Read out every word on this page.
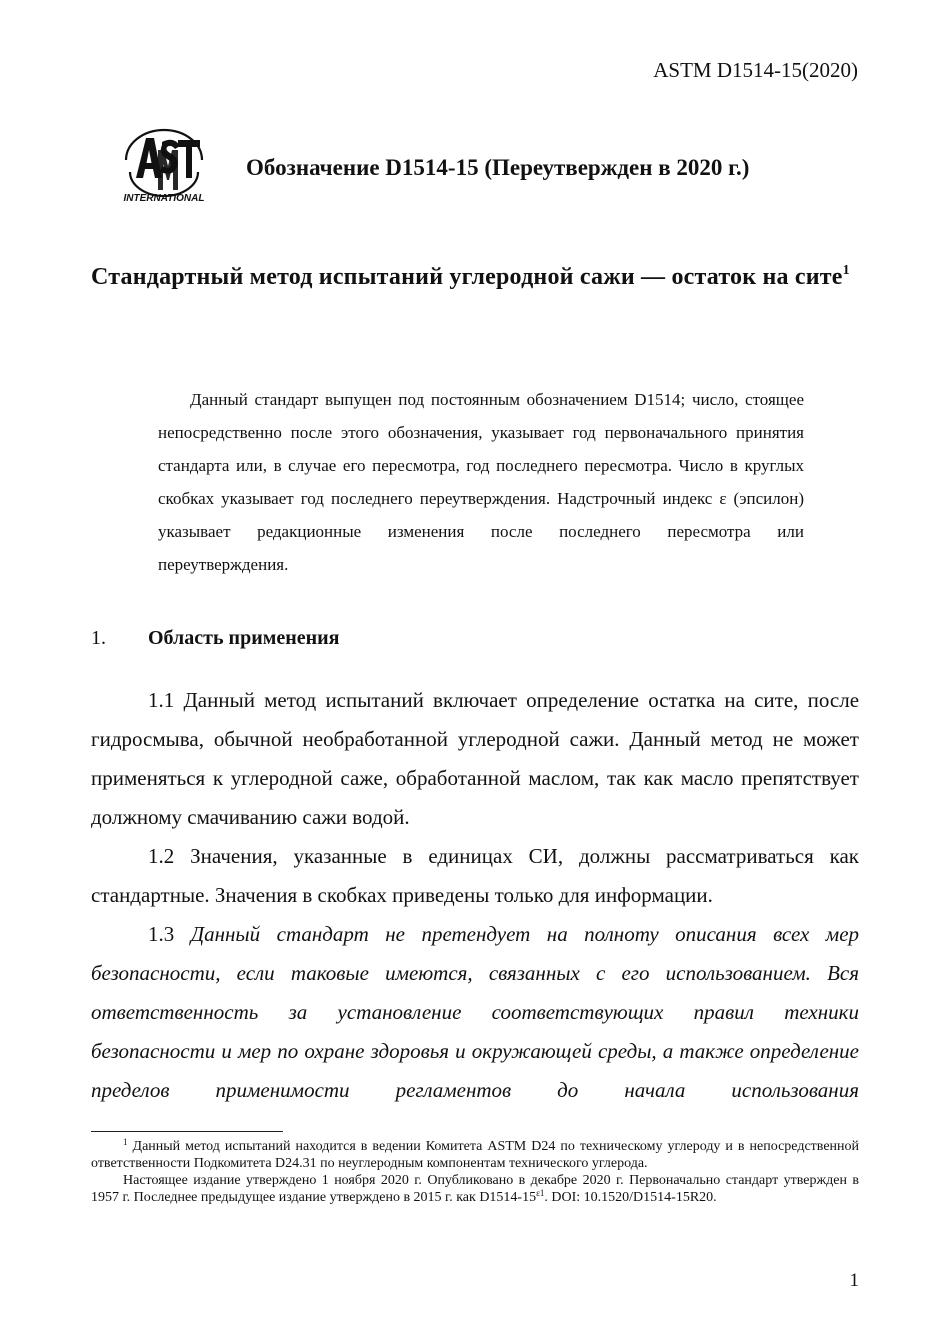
ASTM D1514-15(2020)
INTERNATIONAL
Обозначение D1514-15 (Переутвержден в 2020 г.)
Стандартный метод испытаний углеродной сажи — остаток на сите$^1$
Данный стандарт выпущен под постоянным обозначением D1514; число, стоящее непосредственно после этого обозначения, указывает год первоначального принятия стандарта или, в случае его пересмотра, год последнего пересмотра. Число в круглых скобках указывает год последнего переутверждения. Надстрочный индекс ε (эпсилон) указывает редакционные изменения после последнего пересмотра или переутверждения.
1. Область применения

1.1 Данный метод испытаний включает определение остатка на сите, после гидросмыва, обычной необработанной углеродной сажи. Данный метод не может применяться к углеродной саже, обработанной маслом, так как масло препятствует должному смачиванию сажи водой.

1.2 Значения, указанные в единицах СИ, должны рассматриваться как стандартные. Значения в скобках приведены только для информации.

1.3 Данный стандарт не претендует на полноту описания всех мер безопасности, если таковые имеются, связанных с его использованием. Вся ответственность за установление соответствующих правил техники безопасности и мер по охране здоровья и окружающей среды, а также определение пределов применимости регламентов до начала использования

$^1$ Данный метод испытаний находится в ведении Комитета ASTM D24 по техническому углероду и в непосредственной ответственности Подкомитета D24.31 по неуглеродным компонентам технического углерода.

Настоящее издание утверждено 1 ноября 2020 г. Опубликовано в декабре 2020 г. Первоначально стандарт утвержден в 1957 г. Последнее предыдущее издание утверждено в 2015 г. как $D1514-15^{\varepsilon 1}$. DOI: 10.1520/D1514-15R20.

1
